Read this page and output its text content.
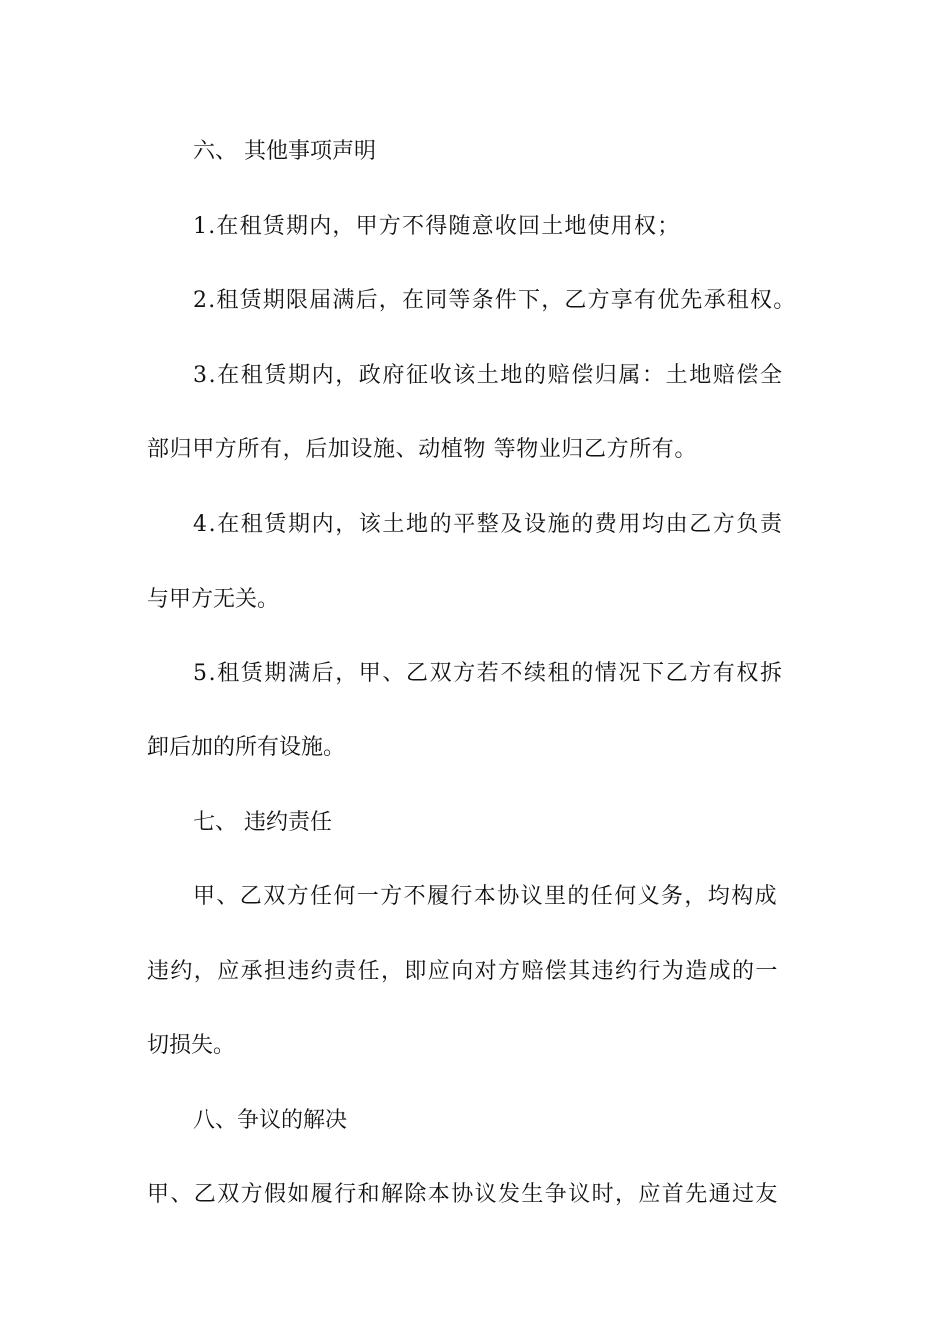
六、 其他事项声明
1.在租赁期内，甲方不得随意收回土地使用权；
2.租赁期限届满后，在同等条件下，乙方享有优先承租权。
3.在租赁期内，政府征收该土地的赔偿归属：土地赔偿全
部归甲方所有，后加设施、动植物 等物业归乙方所有。
4.在租赁期内，该土地的平整及设施的费用均由乙方负责
与甲方无关。
5.租赁期满后，甲、乙双方若不续租的情况下乙方有权拆
卸后加的所有设施。
七、 违约责任
甲、乙双方任何一方不履行本协议里的任何义务，均构成
违约，应承担违约责任，即应向对方赔偿其违约行为造成的一
切损失。
八、争议的解决
甲、乙双方假如履行和解除本协议发生争议时，应首先通过友
